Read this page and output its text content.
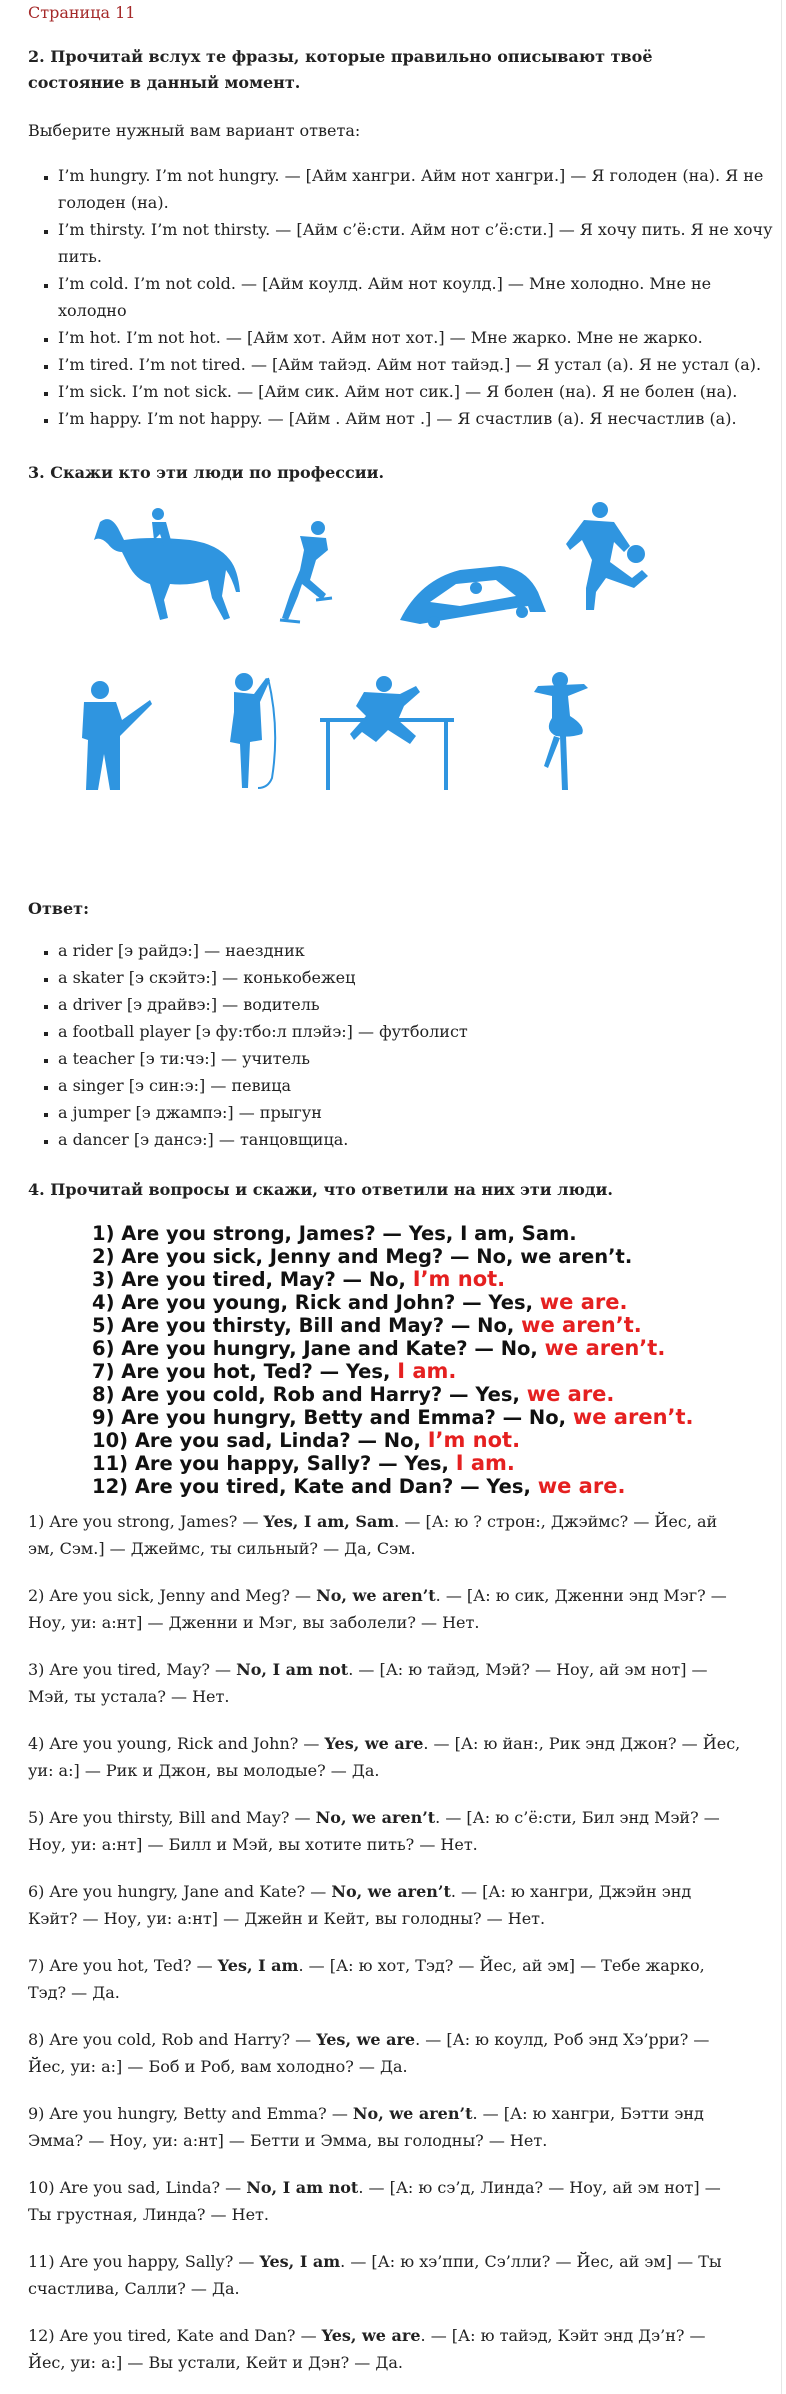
Страница 11
2. Прочитай вслух те фразы, которые правильно описывают твоё состояние в данный момент.

Выберите нужный вам вариант ответа:

▪ I’m hungry. I’m not hungry. — [Айм хангри. Айм нот хангри.] — Я голоден (на). Я не голоден (на).
▪ I’m thirsty. I’m not thirsty. — [Айм с’ё:сти. Айм нот с’ё:сти.] — Я хочу пить. Я не хочу пить.
▪ I’m cold. I’m not cold. — [Айм коулд. Айм нот коулд.] — Мне холодно. Мне не холодно
▪ I’m hot. I’m not hot. — [Айм хот. Айм нот хот.] — Мне жарко. Мне не жарко.
▪ I’m tired. I’m not tired. — [Айм тайэд. Айм нот тайэд.] — Я устал (а). Я не устал (а).
▪ I’m sick. I’m not sick. — [Айм сик. Айм нот сик.] — Я болен (на). Я не болен (на).
▪ I’m happy. I’m not happy. — [Айм . Айм нот .] — Я счастлив (а). Я несчастлив (а).
3. Скажи кто эти люди по профессии.

Ответ:

▪ a rider [э райдэ:] — наездник
▪ a skater [э скэйтэ:] — конькобежец
▪ a driver [э драйвэ:] — водитель
▪ a football player [э фу:тбо:л плэйэ:] — футболист
▪ a teacher [э ти:чэ:] — учитель
▪ a singer [э син:э:] — певица
▪ a jumper [э джампэ:] — прыгун
▪ a dancer [э дансэ:] — танцовщица.
4. Прочитай вопросы и скажи, что ответили на них эти люди.
1) Are you strong, James? — Yes, I am, Sam.
2) Are you sick, Jenny and Meg? — No, we aren’t.
3) Are you tired, May? — No, I’m not.
4) Are you young, Rick and John? — Yes, we are.
5) Are you thirsty, Bill and May? — No, we aren’t.
6) Are you hungry, Jane and Kate? — No, we aren’t.
7) Are you hot, Ted? — Yes, I am.
8) Are you cold, Rob and Harry? — Yes, we are.
9) Are you hungry, Betty and Emma? — No, we aren’t.
10) Are you sad, Linda? — No, I’m not.
11) Are you happy, Sally? — Yes, I am.
12) Are you tired, Kate and Dan? — Yes, we are.

1) Are you strong, James? — Yes, I am, Sam. — [А: ю ? строн:, Джэймс? — Йес, ай эм, Сэм.] — Джеймс, ты сильный? — Да, Сэм.

2) Are you sick, Jenny and Meg? — No, we aren’t. — [А: ю сик, Дженни энд Мэг? — Ноу, уи: а:нт] — Дженни и Мэг, вы заболели? — Нет.

3) Are you tired, May? — No, I am not. — [А: ю тайэд, Мэй? — Ноу, ай эм нот] — Мэй, ты устала? — Нет.

4) Are you young, Rick and John? — Yes, we are. — [А: ю йан:, Рик энд Джон? — Йес, уи: а:] — Рик и Джон, вы молодые? — Да.

5) Are you thirsty, Bill and May? — No, we aren’t. — [А: ю с’ё:сти, Бил энд Мэй? — Ноу, уи: а:нт] — Билл и Мэй, вы хотите пить? — Нет.

6) Are you hungry, Jane and Kate? — No, we aren’t. — [А: ю хангри, Джэйн энд Кэйт? — Ноу, уи: а:нт] — Джейн и Кейт, вы голодны? — Нет.

7) Are you hot, Ted? — Yes, I am. — [А: ю хот, Тэд? — Йес, ай эм] — Тебе жарко, Тэд? — Да.

8) Are you cold, Rob and Harry? — Yes, we are. — [А: ю коулд, Роб энд Хэ’рри? — Йес, уи: а:] — Боб и Роб, вам холодно? — Да.

9) Are you hungry, Betty and Emma? — No, we aren’t. — [А: ю хангри, Бэтти энд Эмма? — Ноу, уи: а:нт] — Бетти и Эмма, вы голодны? — Нет.

10) Are you sad, Linda? — No, I am not. — [А: ю сэ’д, Линда? — Ноу, ай эм нот] — Ты грустная, Линда? — Нет.

11) Are you happy, Sally? — Yes, I am. — [А: ю хэ’ппи, Сэ’лли? — Йес, ай эм] — Ты счастлива, Салли? — Да.

12) Are you tired, Kate and Dan? — Yes, we are. — [А: ю тайэд, Кэйт энд Дэ’н? — Йес, уи: а:] — Вы устали, Кейт и Дэн? — Да.
